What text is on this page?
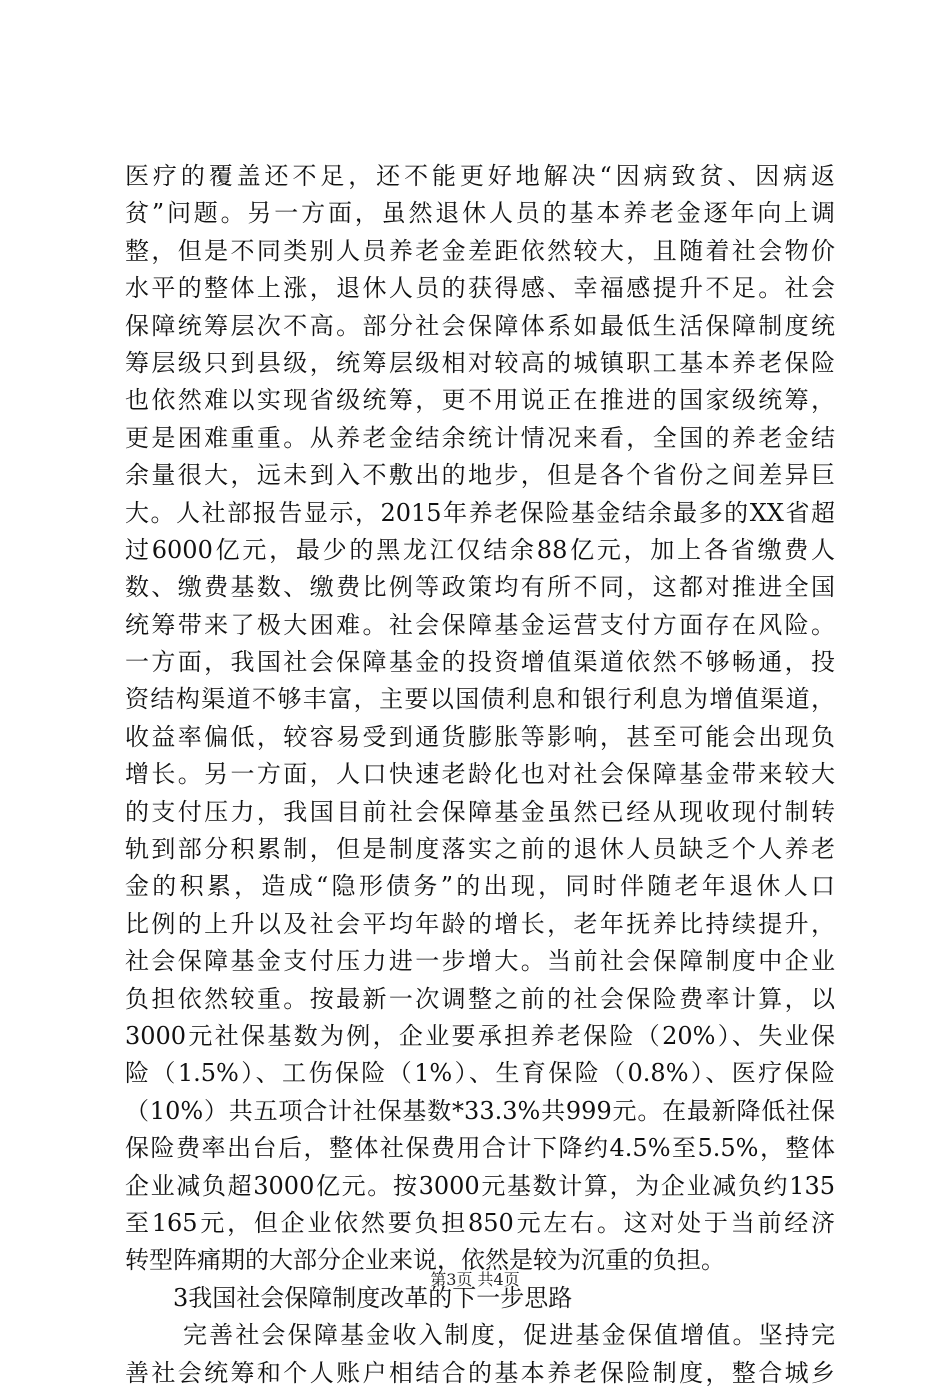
医疗的覆盖还不足，还不能更好地解决“因病致贫、因病返
贫”问题。另一方面，虽然退休人员的基本养老金逐年向上调
整，但是不同类别人员养老金差距依然较大，且随着社会物价
水平的整体上涨，退休人员的获得感、幸福感提升不足。社会
保障统筹层次不高。部分社会保障体系如最低生活保障制度统
筹层级只到县级，统筹层级相对较高的城镇职工基本养老保险
也依然难以实现省级统筹，更不用说正在推进的国家级统筹，
更是困难重重。从养老金结余统计情况来看，全国的养老金结
余量很大，远未到入不敷出的地步，但是各个省份之间差异巨
大。人社部报告显示，2015年养老保险基金结余最多的XX省超
过6000亿元，最少的黑龙江仅结余88亿元，加上各省缴费人
数、缴费基数、缴费比例等政策均有所不同，这都对推进全国
统筹带来了极大困难。社会保障基金运营支付方面存在风险。
一方面，我国社会保障基金的投资增值渠道依然不够畅通，投
资结构渠道不够丰富，主要以国债利息和银行利息为增值渠道，
收益率偏低，较容易受到通货膨胀等影响，甚至可能会出现负
增长。另一方面，人口快速老龄化也对社会保障基金带来较大
的支付压力，我国目前社会保障基金虽然已经从现收现付制转
轨到部分积累制，但是制度落实之前的退休人员缺乏个人养老
金的积累，造成“隐形债务”的出现，同时伴随老年退休人口
比例的上升以及社会平均年龄的增长，老年抚养比持续提升，
社会保障基金支付压力进一步增大。当前社会保障制度中企业
负担依然较重。按最新一次调整之前的社会保险费率计算，以
3000元社保基数为例，企业要承担养老保险（20%）、失业保
险（1.5%）、工伤保险（1%）、生育保险（0.8%）、医疗保险
（10%）共五项合计社保基数*33.3%共999元。在最新降低社保
保险费率出台后，整体社保费用合计下降约4.5%至5.5%，整体
企业减负超3000亿元。按3000元基数计算，为企业减负约135
至165元，但企业依然要负担850元左右。这对处于当前经济
转型阵痛期的大部分企业来说，依然是较为沉重的负担。
3我国社会保障制度改革的下一步思路
完善社会保障基金收入制度，促进基金保值增值。坚持完
善社会统筹和个人账户相结合的基本养老保险制度，整合城乡
第3页 共4页
